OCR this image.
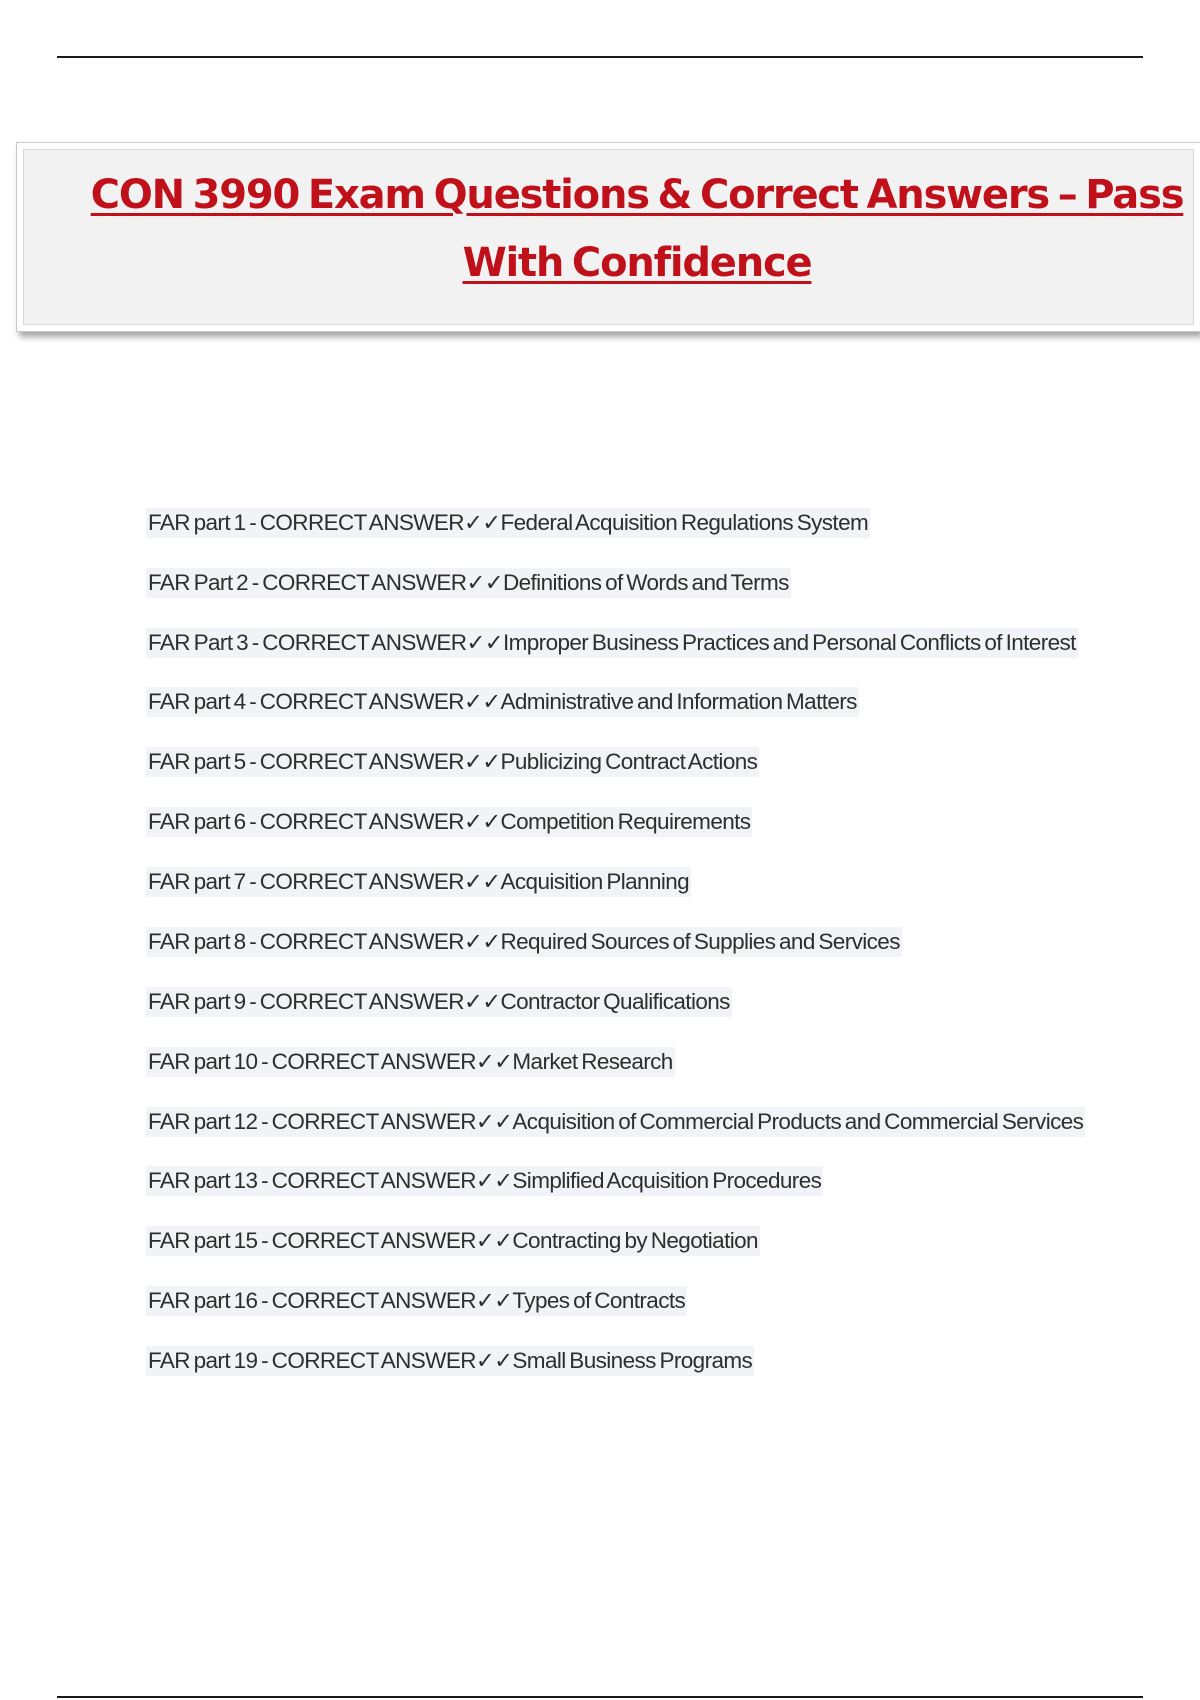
CON 3990 Exam Questions & Correct Answers – Pass With Confidence
FAR part 1 - CORRECT ANSWER✓✓Federal Acquisition Regulations System
FAR Part 2 - CORRECT ANSWER✓✓Definitions of Words and Terms
FAR Part 3 - CORRECT ANSWER✓✓Improper Business Practices and Personal Conflicts of Interest
FAR part 4 - CORRECT ANSWER✓✓Administrative and Information Matters
FAR part 5 - CORRECT ANSWER✓✓Publicizing Contract Actions
FAR part 6 - CORRECT ANSWER✓✓Competition Requirements
FAR part 7 - CORRECT ANSWER✓✓Acquisition Planning
FAR part 8 - CORRECT ANSWER✓✓Required Sources of Supplies and Services
FAR part 9 - CORRECT ANSWER✓✓Contractor Qualifications
FAR part 10 - CORRECT ANSWER✓✓Market Research
FAR part 12 - CORRECT ANSWER✓✓Acquisition of Commercial Products and Commercial Services
FAR part 13 - CORRECT ANSWER✓✓Simplified Acquisition Procedures
FAR part 15 - CORRECT ANSWER✓✓Contracting by Negotiation
FAR part 16 - CORRECT ANSWER✓✓Types of Contracts
FAR part 19 - CORRECT ANSWER✓✓Small Business Programs
